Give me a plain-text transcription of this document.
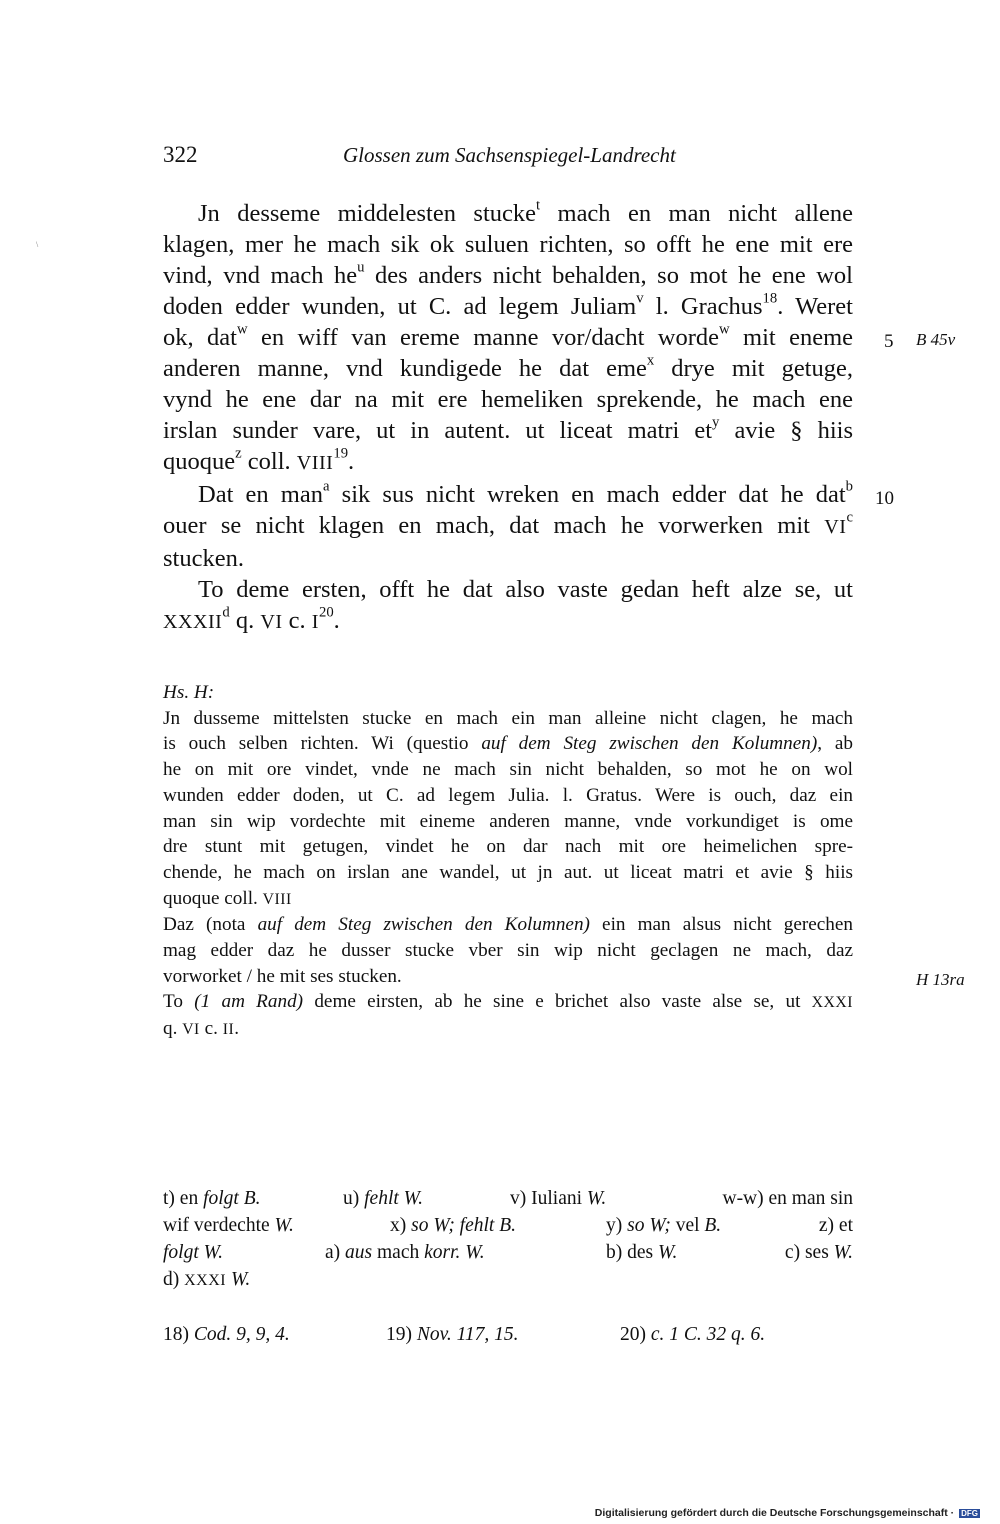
\
322	Glossen zum Sachsenspiegel-Landrecht
Jn desseme middelesten stucke$^t$ mach en man nicht allene
klagen, mer he mach sik ok suluen richten, so offt he ene mit ere
vind, vnd mach $he^u$ des anders nicht behalden, so mot he ene wol
doden edder wunden, ut C. ad legem Juliam$^v$ l. Grachus$^{18}$. Weret
ok, dat$^w$ en wiff van ereme manne vor/dacht worde$^w$ mit eneme
anderen manne, vnd kundigede he dat eme$^x$ drye mit getuge,
vynd he ene dar na mit ere hemeliken sprekende, he mach ene
irslan sunder vare, ut in autent. ut liceat matri $et^y$ avie § hiis
quoque$^z$ coll. VIII$^{19}$.
Dat en man$^a$ sik sus nicht wreken en mach edder dat he dat$^b$
ouer se nicht klagen en mach, dat mach he vorwerken mit $VI^c$
stucken.
To deme ersten, offt he dat also vaste gedan heft alze se, ut
XXXII$^d$ q. VI c. $I^{20}$.
5 B 45v
10
H 13ra
Hs. H:
Jn dusseme mittelsten stucke en mach ein man alleine nicht clagen, he mach
is ouch selben richten. Wi (questio auf dem Steg zwischen den Kolumnen), ab
he on mit ore vindet, vnde ne mach sin nicht behalden, so mot he on wol
wunden edder doden, ut C. ad legem Julia. l. Gratus. Were is ouch, daz ein
man sin wip vordechte mit eineme anderen manne, vnde vorkundiget is ome
dre stunt mit getugen, vindet he on dar nach mit ore heimelichen spre-
chende, he mach on irslan ane wandel, ut jn aut. ut liceat matri et avie § hiis
quoque coll. VIII
Daz (nota auf dem Steg zwischen den Kolumnen) ein man alsus nicht gerechen
mag edder daz he dusser stucke vber sin wip nicht geclagen ne mach, daz
vorworket / he mit ses stucken.
To (1 am Rand) deme eirsten, ab he sine e brichet also vaste alse se, ut XXXI
q. VI c. II.
t) en folgt B.	u) fehlt W.	v) Iuliani W.	w-w) en man sin
wif verdechte W.	x) so W; fehlt B.	y) so W; vel B.	z) et
folgt W.	a) aus mach korr. W.	b) des W.	c) ses W.
d) XXXI W.
18) Cod. 9, 9, 4.	19) Nov. 117, 15.	20) c. 1 C. 32 q. 6.
Digitalisierung gefördert durch die Deutsche Forschungsgemeinschaft · DFG
